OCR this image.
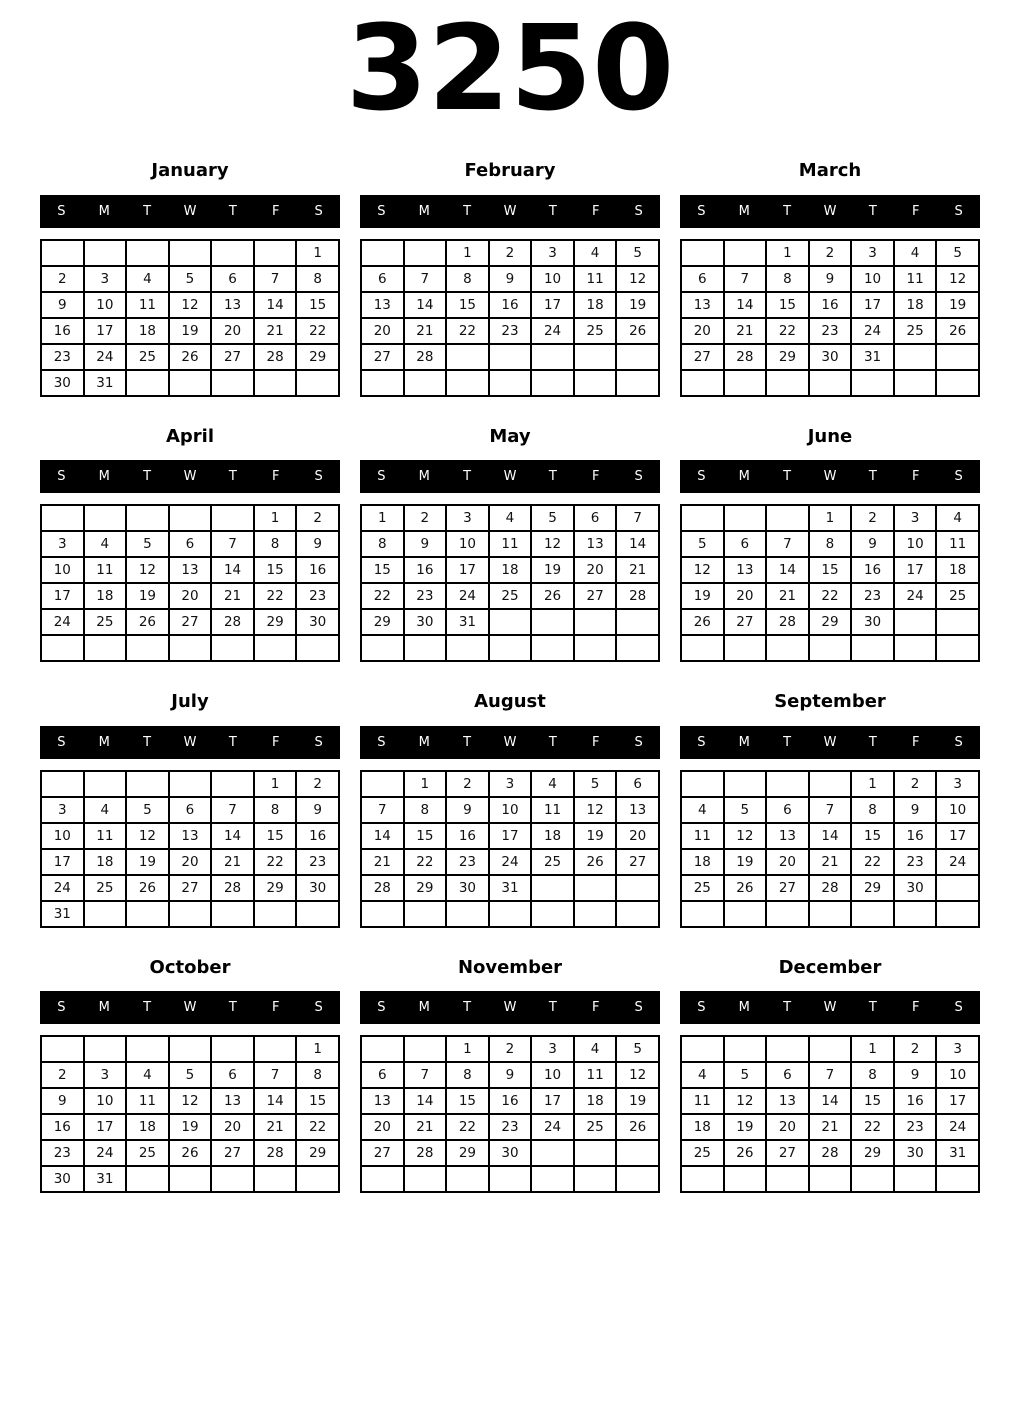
3250
January
S	M	T	W	T	F	S
						1
2	3	4	5	6	7	8
9	10	11	12	13	14	15
16	17	18	19	20	21	22
23	24	25	26	27	28	29
30	31					
February
S	M	T	W	T	F	S
		1	2	3	4	5
6	7	8	9	10	11	12
13	14	15	16	17	18	19
20	21	22	23	24	25	26
27	28					

March
S	M	T	W	T	F	S
		1	2	3	4	5
6	7	8	9	10	11	12
13	14	15	16	17	18	19
20	21	22	23	24	25	26
27	28	29	30	31		

April
S	M	T	W	T	F	S
					1	2
3	4	5	6	7	8	9
10	11	12	13	14	15	16
17	18	19	20	21	22	23
24	25	26	27	28	29	30

May
S	M	T	W	T	F	S
1	2	3	4	5	6	7
8	9	10	11	12	13	14
15	16	17	18	19	20	21
22	23	24	25	26	27	28
29	30	31				

June
S	M	T	W	T	F	S
			1	2	3	4
5	6	7	8	9	10	11
12	13	14	15	16	17	18
19	20	21	22	23	24	25
26	27	28	29	30		

July
S	M	T	W	T	F	S
					1	2
3	4	5	6	7	8	9
10	11	12	13	14	15	16
17	18	19	20	21	22	23
24	25	26	27	28	29	30
31						
August
S	M	T	W	T	F	S
	1	2	3	4	5	6
7	8	9	10	11	12	13
14	15	16	17	18	19	20
21	22	23	24	25	26	27
28	29	30	31			

September
S	M	T	W	T	F	S
				1	2	3
4	5	6	7	8	9	10
11	12	13	14	15	16	17
18	19	20	21	22	23	24
25	26	27	28	29	30	

October
S	M	T	W	T	F	S
						1
2	3	4	5	6	7	8
9	10	11	12	13	14	15
16	17	18	19	20	21	22
23	24	25	26	27	28	29
30	31					
November
S	M	T	W	T	F	S
		1	2	3	4	5
6	7	8	9	10	11	12
13	14	15	16	17	18	19
20	21	22	23	24	25	26
27	28	29	30			

December
S	M	T	W	T	F	S
				1	2	3
4	5	6	7	8	9	10
11	12	13	14	15	16	17
18	19	20	21	22	23	24
25	26	27	28	29	30	31
